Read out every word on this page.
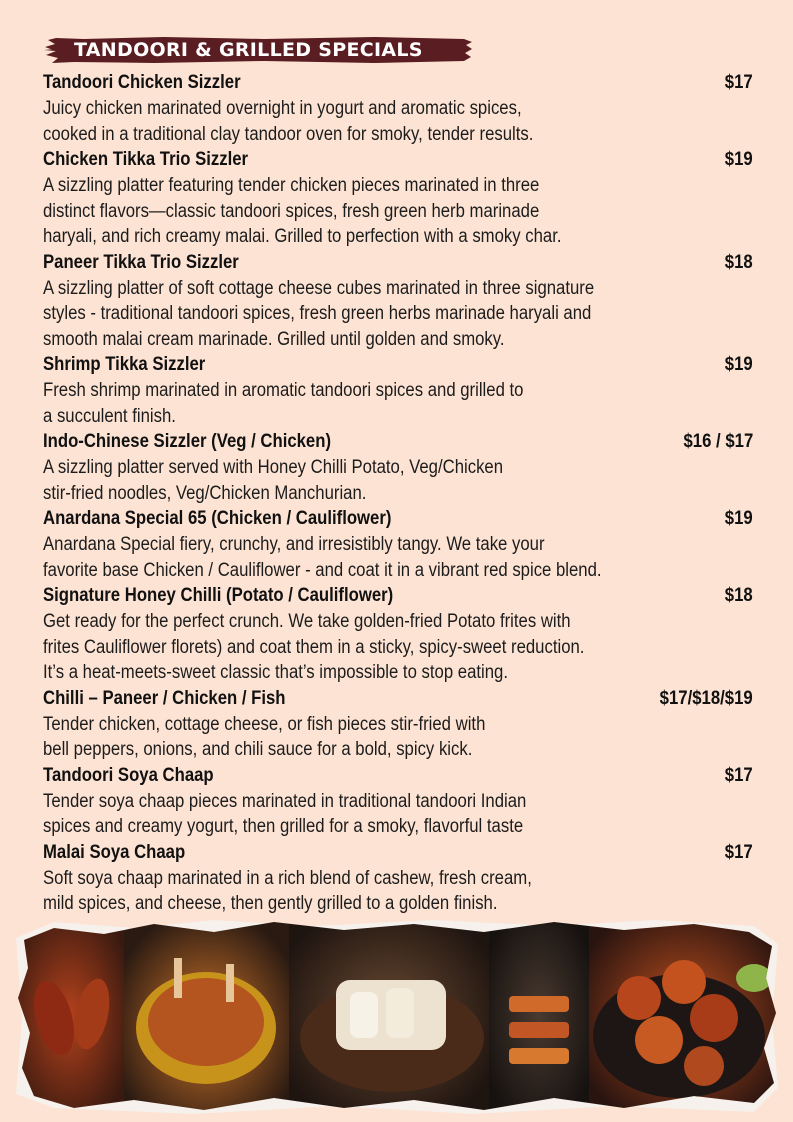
TANDOORI & GRILLED SPECIALS
Tandoori Chicken Sizzler	$17
Juicy chicken marinated overnight in yogurt and aromatic spices,
cooked in a traditional clay tandoor oven for smoky, tender results.
Chicken Tikka Trio Sizzler	$19
A sizzling platter featuring tender chicken pieces marinated in three
distinct flavors—classic tandoori spices, fresh green herb marinade
haryali, and rich creamy malai. Grilled to perfection with a smoky char.
Paneer Tikka Trio Sizzler	$18
A sizzling platter of soft cottage cheese cubes marinated in three signature
styles - traditional tandoori spices, fresh green herbs marinade haryali and
smooth malai cream marinade. Grilled until golden and smoky.
Shrimp Tikka Sizzler	$19
Fresh shrimp marinated in aromatic tandoori spices and grilled to
a succulent finish.
Indo-Chinese Sizzler (Veg / Chicken)	$16 / $17
A sizzling platter served with Honey Chilli Potato, Veg/Chicken
stir-fried noodles, Veg/Chicken Manchurian.
Anardana Special 65 (Chicken / Cauliflower)	$19
Anardana Special fiery, crunchy, and irresistibly tangy. We take your
favorite base Chicken / Cauliflower - and coat it in a vibrant red spice blend.
Signature Honey Chilli (Potato / Cauliflower)	$18
Get ready for the perfect crunch. We take golden-fried Potato frites with
frites Cauliflower florets) and coat them in a sticky, spicy-sweet reduction.
It’s a heat-meets-sweet classic that’s impossible to stop eating.
Chilli – Paneer / Chicken / Fish	$17/$18/$19
Tender chicken, cottage cheese, or fish pieces stir-fried with
bell peppers, onions, and chili sauce for a bold, spicy kick.
Tandoori Soya Chaap	$17
Tender soya chaap pieces marinated in traditional tandoori Indian
spices and creamy yogurt, then grilled for a smoky, flavorful taste
Malai Soya Chaap	$17
Soft soya chaap marinated in a rich blend of cashew, fresh cream,
mild spices, and cheese, then gently grilled to a golden finish.
